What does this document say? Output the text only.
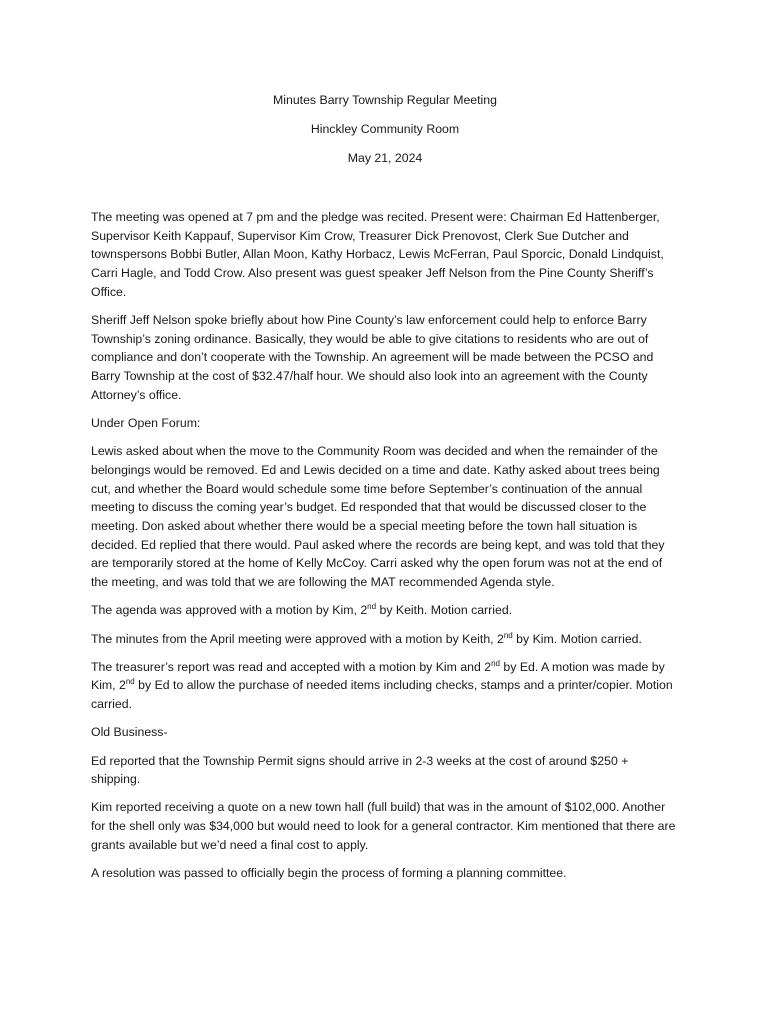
Minutes Barry Township Regular Meeting
Hinckley Community Room
May 21, 2024

The meeting was opened at 7 pm and the pledge was recited. Present were: Chairman Ed Hattenberger, Supervisor Keith Kappauf, Supervisor Kim Crow, Treasurer Dick Prenovost, Clerk Sue Dutcher and townspersons Bobbi Butler, Allan Moon, Kathy Horbacz, Lewis McFerran, Paul Sporcic, Donald Lindquist, Carri Hagle, and Todd Crow. Also present was guest speaker Jeff Nelson from the Pine County Sheriff’s Office.

Sheriff Jeff Nelson spoke briefly about how Pine County’s law enforcement could help to enforce Barry Township’s zoning ordinance. Basically, they would be able to give citations to residents who are out of compliance and don’t cooperate with the Township. An agreement will be made between the PCSO and Barry Township at the cost of $32.47/half hour. We should also look into an agreement with the County Attorney’s office.

Under Open Forum:

Lewis asked about when the move to the Community Room was decided and when the remainder of the belongings would be removed. Ed and Lewis decided on a time and date. Kathy asked about trees being cut, and whether the Board would schedule some time before September’s continuation of the annual meeting to discuss the coming year’s budget. Ed responded that that would be discussed closer to the meeting. Don asked about whether there would be a special meeting before the town hall situation is decided. Ed replied that there would. Paul asked where the records are being kept, and was told that they are temporarily stored at the home of Kelly McCoy. Carri asked why the open forum was not at the end of the meeting, and was told that we are following the MAT recommended Agenda style.

The agenda was approved with a motion by Kim, 2nd by Keith. Motion carried.

The minutes from the April meeting were approved with a motion by Keith, 2nd by Kim. Motion carried.

The treasurer’s report was read and accepted with a motion by Kim and 2nd by Ed. A motion was made by Kim, 2nd by Ed to allow the purchase of needed items including checks, stamps and a printer/copier. Motion carried.

Old Business-

Ed reported that the Township Permit signs should arrive in 2-3 weeks at the cost of around $250 + shipping.

Kim reported receiving a quote on a new town hall (full build) that was in the amount of $102,000. Another for the shell only was $34,000 but would need to look for a general contractor. Kim mentioned that there are grants available but we’d need a final cost to apply.

A resolution was passed to officially begin the process of forming a planning committee.
